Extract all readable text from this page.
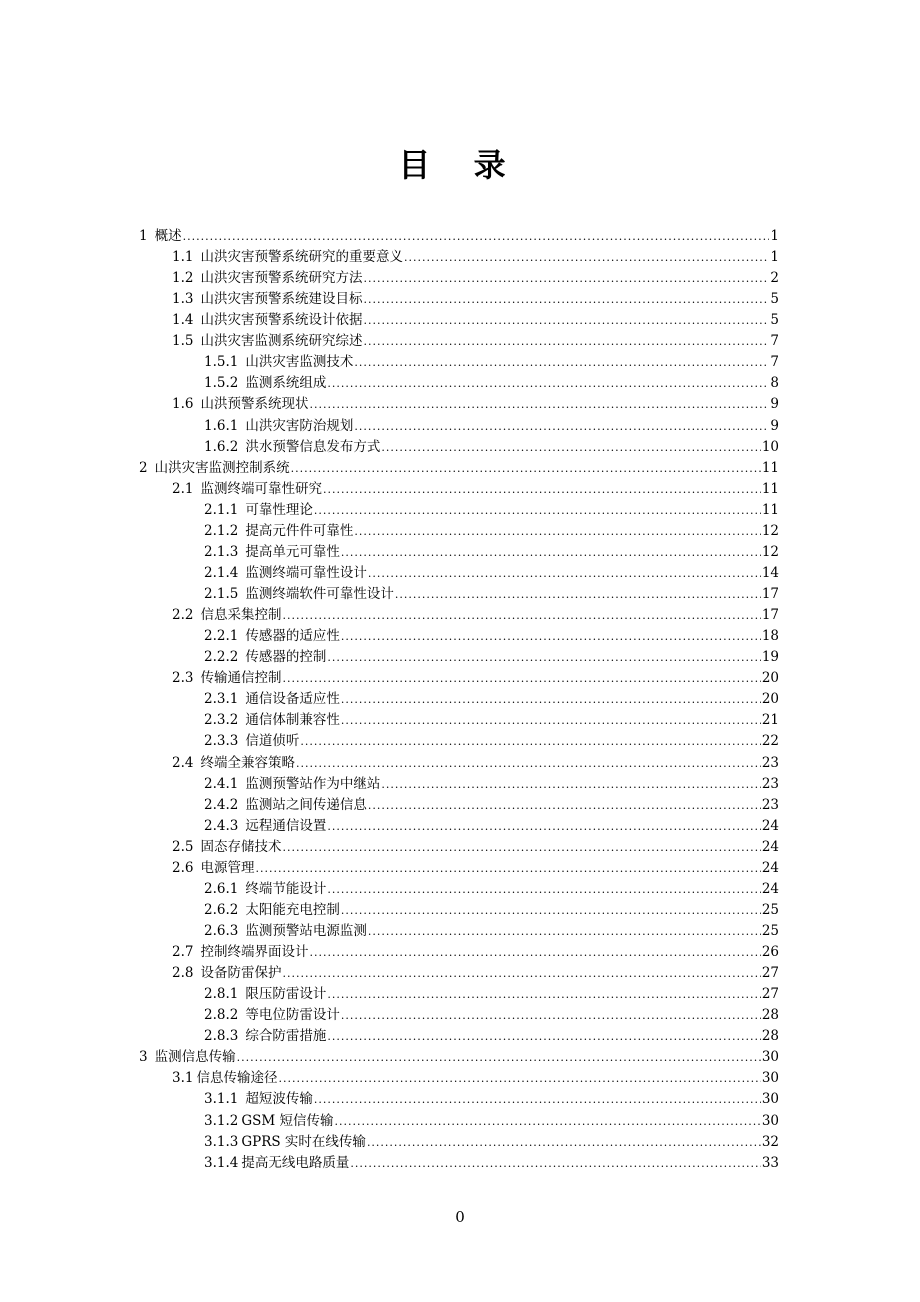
目 录
1 概述 .....	1
1.1 山洪灾害预警系统研究的重要意义 .....	1
1.2 山洪灾害预警系统研究方法 .....	2
1.3 山洪灾害预警系统建设目标 .....	5
1.4 山洪灾害预警系统设计依据 .....	5
1.5 山洪灾害监测系统研究综述 .....	7
1.5.1 山洪灾害监测技术 .....	7
1.5.2 监测系统组成 .....	8
1.6 山洪预警系统现状 .....	9
1.6.1 山洪灾害防治规划 .....	9
1.6.2 洪水预警信息发布方式 .....	10
2 山洪灾害监测控制系统 .....	11
2.1 监测终端可靠性研究 .....	11
2.1.1 可靠性理论 .....	11
2.1.2 提高元件件可靠性 .....	12
2.1.3 提高单元可靠性 .....	12
2.1.4 监测终端可靠性设计 .....	14
2.1.5 监测终端软件可靠性设计 .....	17
2.2 信息采集控制 .....	17
2.2.1 传感器的适应性 .....	18
2.2.2 传感器的控制 .....	19
2.3 传输通信控制 .....	20
2.3.1 通信设备适应性 .....	20
2.3.2 通信体制兼容性 .....	21
2.3.3 信道侦听 .....	22
2.4 终端全兼容策略 .....	23
2.4.1 监测预警站作为中继站 .....	23
2.4.2 监测站之间传递信息 .....	23
2.4.3 远程通信设置 .....	24
2.5 固态存储技术 .....	24
2.6 电源管理 .....	24
2.6.1 终端节能设计 .....	24
2.6.2 太阳能充电控制 .....	25
2.6.3 监测预警站电源监测 .....	25
2.7 控制终端界面设计 .....	26
2.8 设备防雷保护 .....	27
2.8.1 限压防雷设计 .....	27
2.8.2 等电位防雷设计 .....	28
2.8.3 综合防雷措施 .....	28
3 监测信息传输 .....	30
3.1 信息传输途径 .....	30
3.1.1 超短波传输 .....	30
3.1.2 GSM 短信传输 .....	30
3.1.3 GPRS 实时在线传输 .....	32
3.1.4 提高无线电路质量 .....	33
0
